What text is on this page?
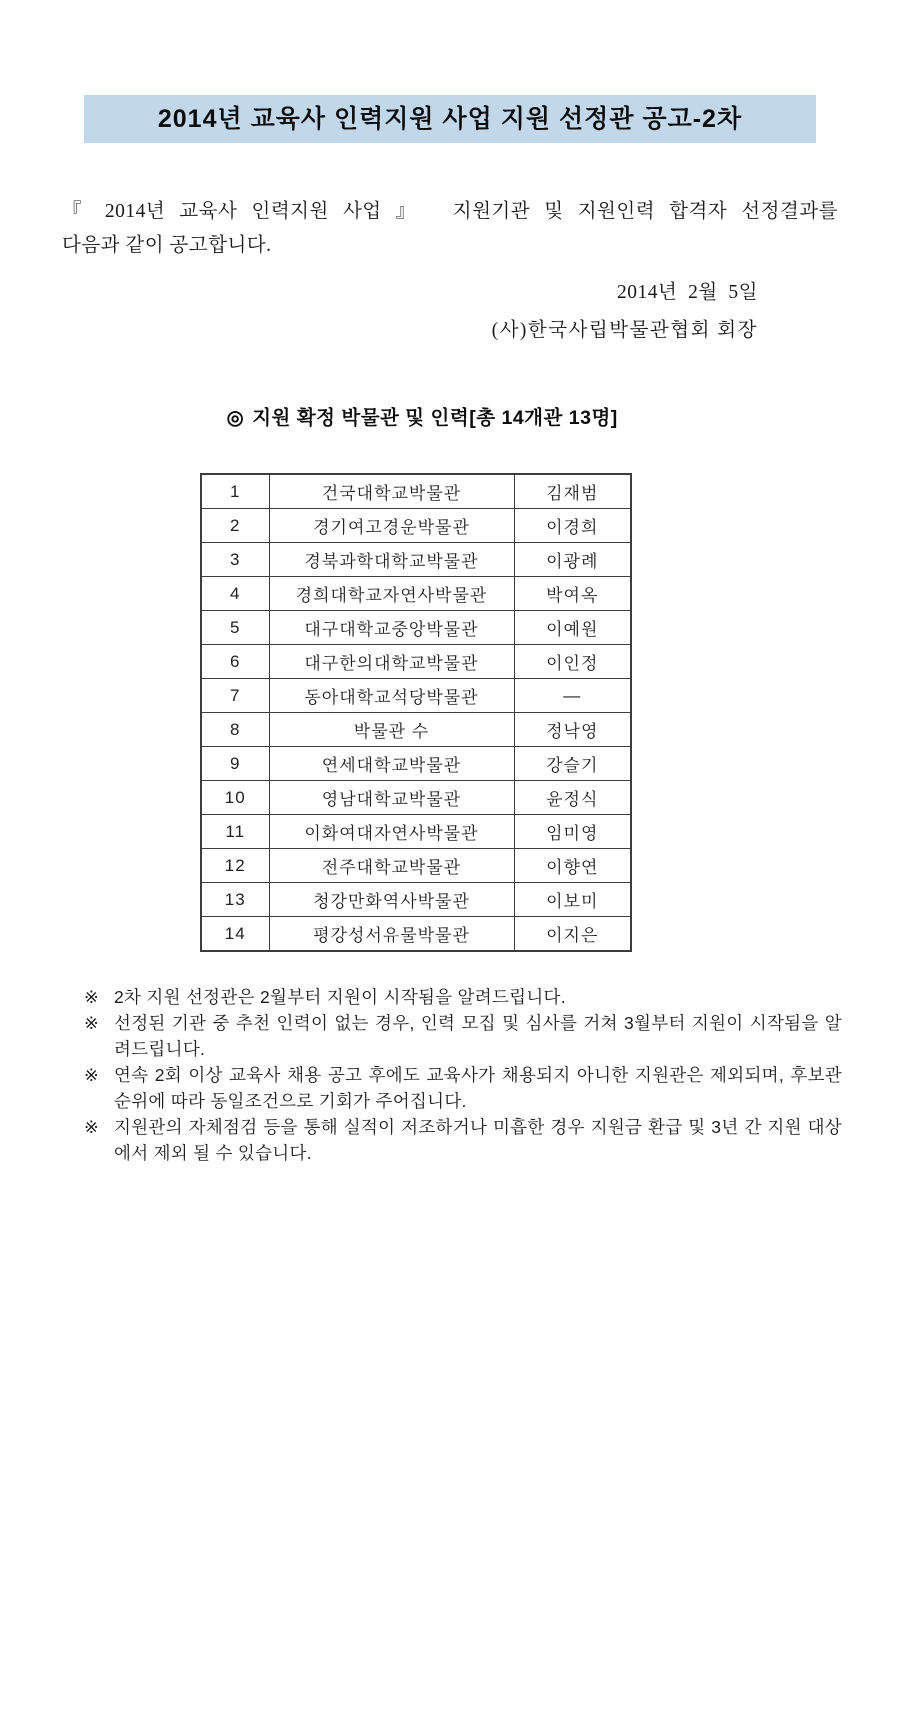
2014년 교육사 인력지원 사업 지원 선정관 공고-2차
『 2014년 교육사 인력지원 사업 』  지원기관 및 지원인력 합격자 선정결과를
다음과 같이 공고합니다.
2014년  2월  5일
(사)한국사립박물관협회 회장

◎ 지원 확정 박물관 및 인력[총 14개관 13명]

1	건국대학교박물관	김재범
2	경기여고경운박물관	이경희
3	경북과학대학교박물관	이광례
4	경희대학교자연사박물관	박여옥
5	대구대학교중앙박물관	이예원
6	대구한의대학교박물관	이인정
7	동아대학교석당박물관	—
8	박물관 수	정낙영
9	연세대학교박물관	강슬기
10	영남대학교박물관	윤정식
11	이화여대자연사박물관	임미영
12	전주대학교박물관	이향연
13	청강만화역사박물관	이보미
14	평강성서유물박물관	이지은
※ 2차 지원 선정관은 2월부터 지원이 시작됨을 알려드립니다.
※ 선정된 기관 중 추천 인력이 없는 경우, 인력 모집 및 심사를 거쳐 3월부터 지원이 시작됨을 알려드립니다.
※ 연속 2회 이상 교육사 채용 공고 후에도 교육사가 채용되지 아니한 지원관은 제외되며, 후보관 순위에 따라 동일조건으로 기회가 주어집니다.
※ 지원관의 자체점검 등을 통해 실적이 저조하거나 미흡한 경우 지원금 환급 및 3년 간 지원 대상에서 제외 될 수 있습니다.
